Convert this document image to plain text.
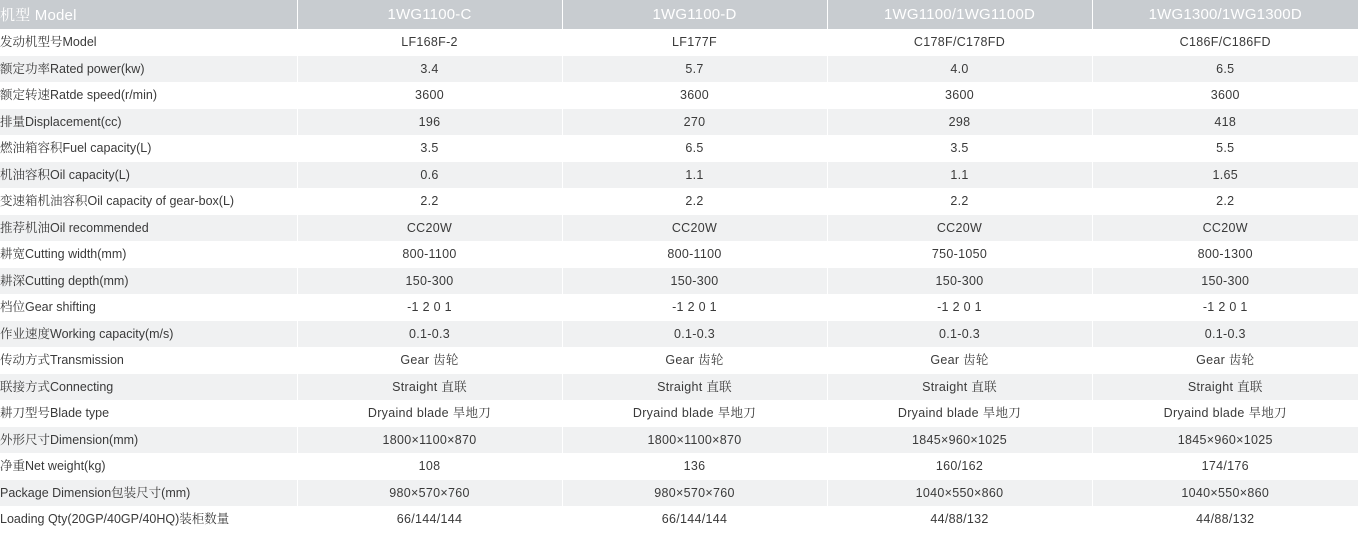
机型 Model	1WG1100-C	1WG1100-D	1WG1100/1WG1100D	1WG1300/1WG1300D
发动机型号Model	LF168F-2	LF177F	C178F/C178FD	C186F/C186FD
额定功率Rated power(kw)	3.4	5.7	4.0	6.5
额定转速Ratde speed(r/min)	3600	3600	3600	3600
排量Displacement(cc)	196	270	298	418
燃油箱容积Fuel capacity(L)	3.5	6.5	3.5	5.5
机油容积Oil capacity(L)	0.6	1.1	1.1	1.65
变速箱机油容积Oil capacity of gear-box(L)	2.2	2.2	2.2	2.2
推荐机油Oil recommended	CC20W	CC20W	CC20W	CC20W
耕宽Cutting width(mm)	800-1100	800-1100	750-1050	800-1300
耕深Cutting depth(mm)	150-300	150-300	150-300	150-300
档位Gear shifting	-1 2 0 1	-1 2 0 1	-1 2 0 1	-1 2 0 1
作业速度Working capacity(m/s)	0.1-0.3	0.1-0.3	0.1-0.3	0.1-0.3
传动方式Transmission	Gear 齿轮	Gear 齿轮	Gear 齿轮	Gear 齿轮
联接方式Connecting	Straight 直联	Straight 直联	Straight 直联	Straight 直联
耕刀型号Blade type	Dryaind blade 旱地刀	Dryaind blade 旱地刀	Dryaind blade 旱地刀	Dryaind blade 旱地刀
外形尺寸Dimension(mm)	1800×1100×870	1800×1100×870	1845×960×1025	1845×960×1025
净重Net weight(kg)	108	136	160/162	174/176
Package Dimension包装尺寸(mm)	980×570×760	980×570×760	1040×550×860	1040×550×860
Loading Qty(20GP/40GP/40HQ)装柜数量	66/144/144	66/144/144	44/88/132	44/88/132
